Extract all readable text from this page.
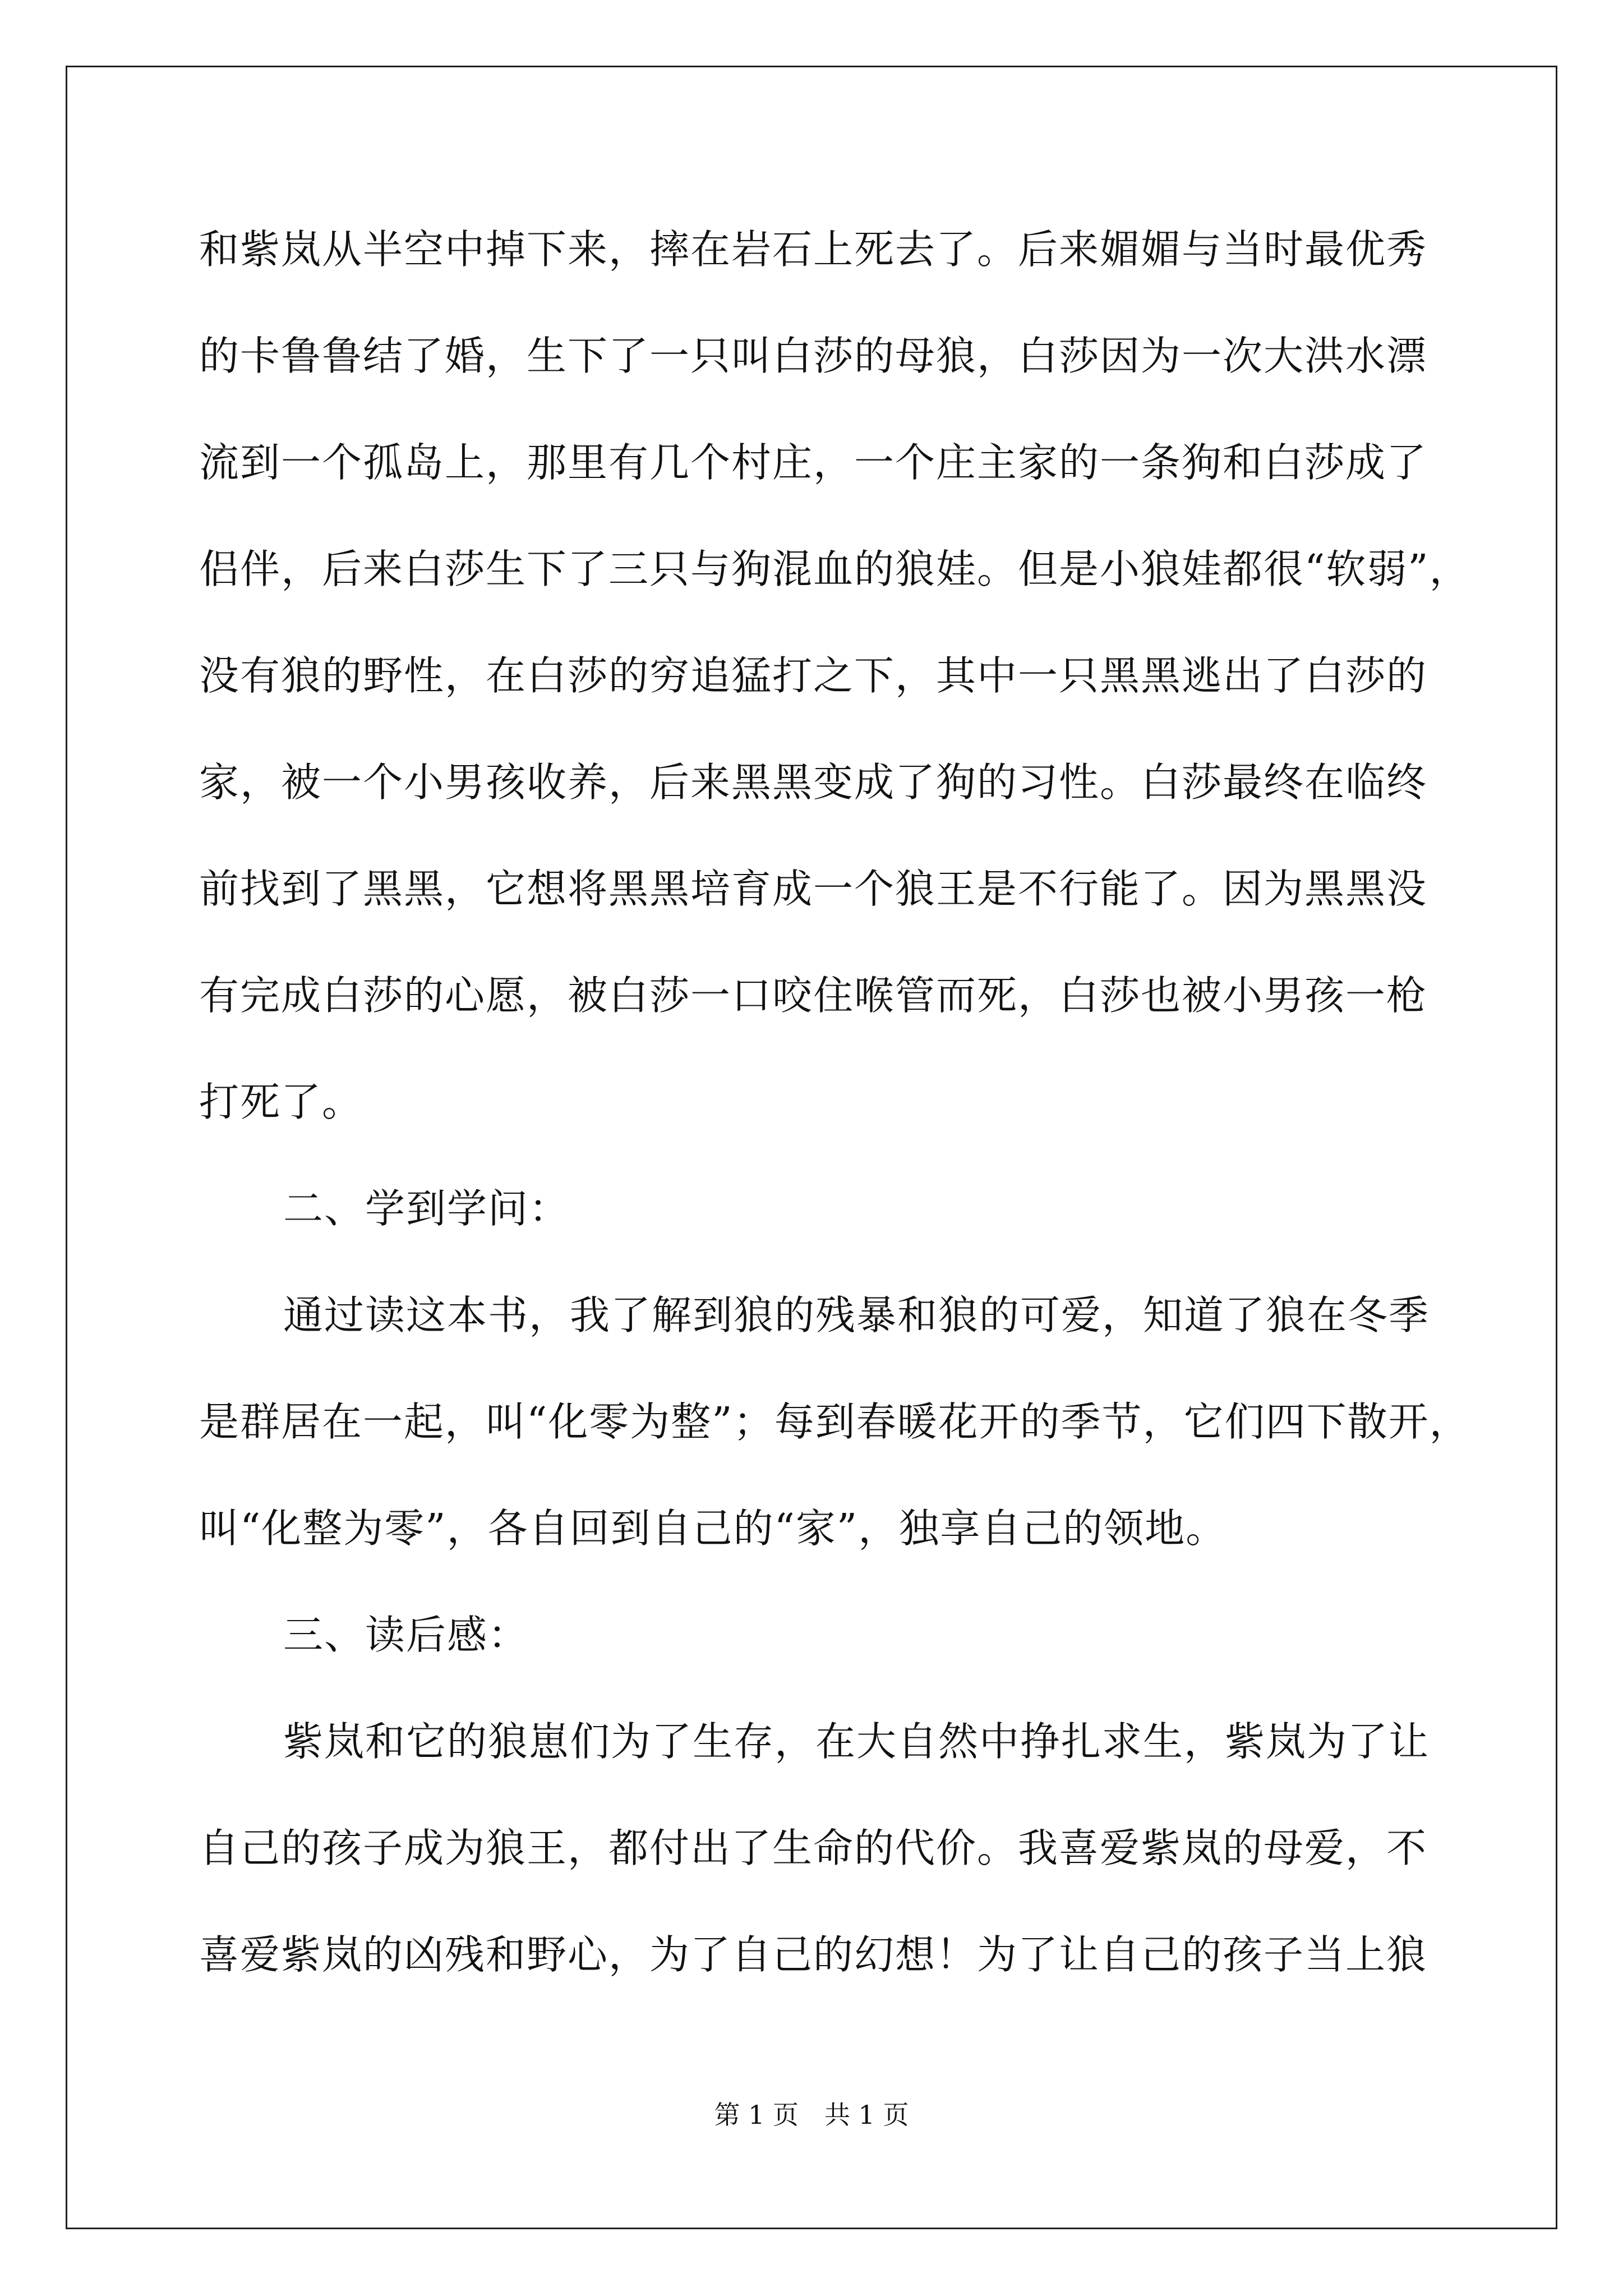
和紫岚从半空中掉下来，摔在岩石上死去了。后来媚媚与当时最优秀
的卡鲁鲁结了婚，生下了一只叫白莎的母狼，白莎因为一次大洪水漂
流到一个孤岛上，那里有几个村庄，一个庄主家的一条狗和白莎成了
侣伴，后来白莎生下了三只与狗混血的狼娃。但是小狼娃都很“软弱”，
没有狼的野性，在白莎的穷追猛打之下，其中一只黑黑逃出了白莎的
家，被一个小男孩收养，后来黑黑变成了狗的习性。白莎最终在临终
前找到了黑黑，它想将黑黑培育成一个狼王是不行能了。因为黑黑没
有完成白莎的心愿，被白莎一口咬住喉管而死，白莎也被小男孩一枪
打死了。
二、学到学问：
通过读这本书，我了解到狼的残暴和狼的可爱，知道了狼在冬季
是群居在一起，叫“化零为整”；每到春暖花开的季节，它们四下散开，
叫“化整为零”，各自回到自己的“家”，独享自己的领地。
三、读后感：
紫岚和它的狼崽们为了生存，在大自然中挣扎求生，紫岚为了让
自己的孩子成为狼王，都付出了生命的代价。我喜爱紫岚的母爱，不
喜爱紫岚的凶残和野心，为了自己的幻想！为了让自己的孩子当上狼
第 1 页　共 1 页
